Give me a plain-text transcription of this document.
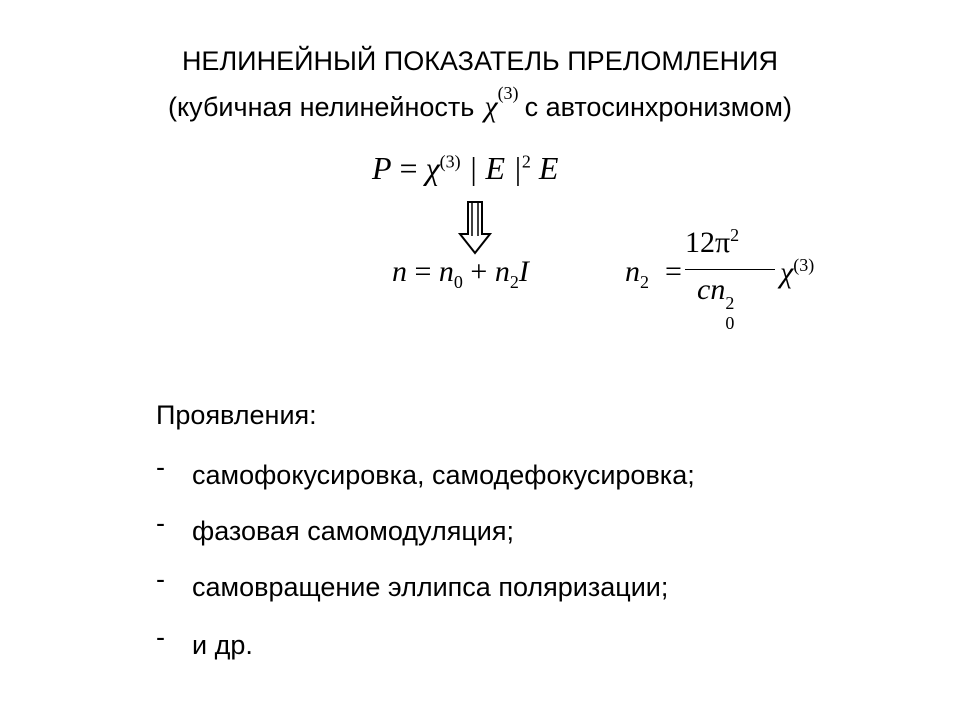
НЕЛИНЕЙНЫЙ ПОКАЗАТЕЛЬ ПРЕЛОМЛЕНИЯ
(кубичная нелинейность $\chi^{(3)}$ с автосинхронизмом)
$P = \chi^{(3)}$ | E $|^2$ E
$n = n_0 + n_2I$	$n_2$ =
$12\pi^2$
cn 2
0
$\chi^{(3)}$
Проявления:
- самофокусировка, самодефокусировка;
- фазовая самомодуляция;
- самовращение эллипса поляризации;
- и др.
